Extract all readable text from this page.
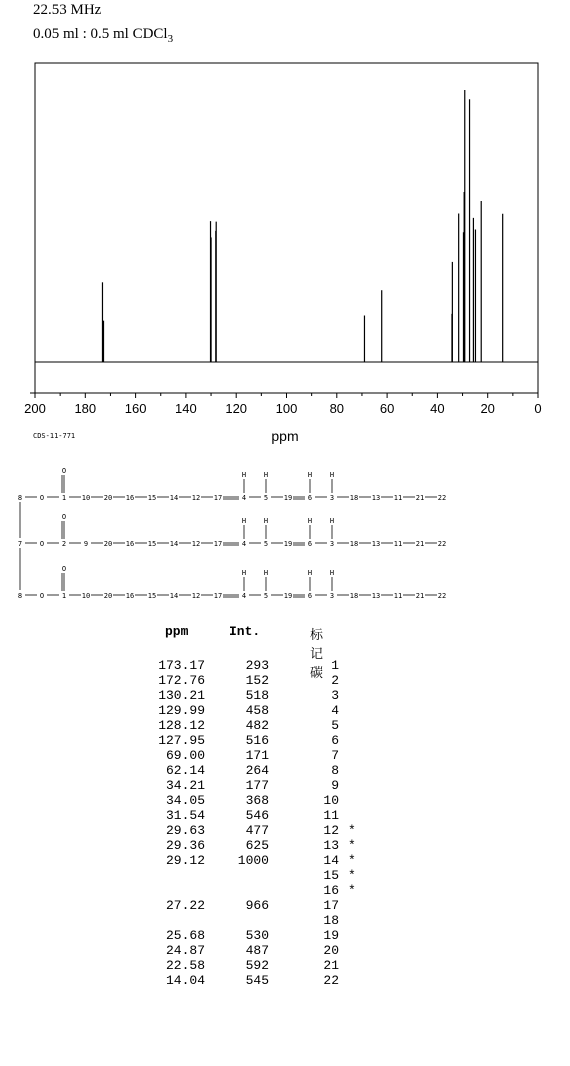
22.53 MHz
0.05 ml : 0.5 ml CDCl$_3$
200 180 160 140 120 100 80	60	40	20	0
ppm
CDS-11-771
8	O	1
O
10 20 16 15 14 12 17	4
H
5
H
19 6
H
3
H
18 13 11 21 22
7	O	2
O
9 20 16 15 14 12 17	4
H
5
H
19 6
H
3
H
18 13 11 21 22
8	O	1
O
10 20 16 15 14 12 17	4
H
5
H
19 6
H
3
H
18 13 11 21 22
ppm	Int.	标记碳
173.17	293	1
172.76	152	2
130.21	518	3
129.99	458	4
128.12	482	5
127.95	516	6
69.00	171	7
62.14	264	8
34.21	177	9
34.05	368	10
31.54	546	11
29.63	477	12 *
29.36	625	13 *
29.12	1000	14 *
15 *
16 *
27.22	966	17
18
25.68	530	19
24.87	487	20
22.58	592	21
14.04	545	22
